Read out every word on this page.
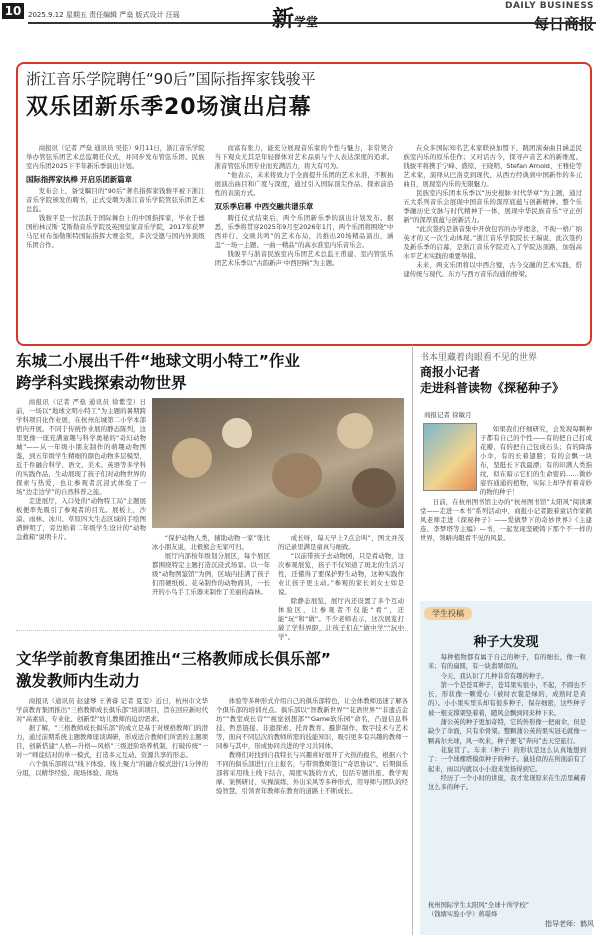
10 2025.9.12 星期五 责任编辑 严燊 版式设计 汪瑶	新学堂
DAILY BUSINESS
每日商报
浙江音乐学院聘任“90后”国际指挥家钱骏平
双乐团新乐季20场演出启幕

商报讯（记者 严燊 通讯员 吴佳）9月11日，浙江音乐学院举办管弦乐团艺术总监聘任仪式，并同步发布管弦乐团、民族室内乐团2025下半年新乐季演出计划。

国际指挥家执棒 开启乐团新篇章

发布会上，备受瞩目的“90后”著名指挥家钱骏平被下浙江音乐学院颁发的聘书，正式受聘为浙江音乐学院管弦乐团艺术总监。

钱骏平是一位活跃于国际舞台上的中国指挥家，毕业于德国柏林汉斯·艾斯勒音乐学院及英国皇家音乐学院，2017年获罗马尼亚布加勒斯特国际指挥大赛金奖，多次受邀与国内外顶级乐团合作。

而富有张力，能充分展现音乐家的个性与魅力，非常契合当下观众尤其是年轻群体对艺术品质与个人表达深度的追求。浙音管弦乐团专业而充满活力，将大有可为。

“他表示，未来将致力于全面提升乐团的艺术水准，不断拓展演出曲目和广度与深度，通过引入国际顶尖作品、探索前沿性的表演方式。

双乐季启幕 中西交融共谱乐章

聘任仪式结束后，两个乐团新乐季的演出计划发布。据悉，乐季将贯穿2025年9月至2026年1月，两个乐团将围绕“中西并行、交映共鸣”的艺术布局，共推出20场精品演出，涵盖“一场一主题、一曲一精品”的高水准室内乐音乐会。

钱骏平与浙音民族室内乐团艺术总监王甫建、室内管弦乐团艺术乐季以“古韵新声·中西回响”为主题。

在众多国际知名艺术家联袂加盟下，跳团演奏曲目涵盖民族室内乐的原乐佳作；又对话古今，探寻声音艺术的新维度。钱骏平将携手宁峰、盛原、王晓明、Stefan Arnold、王雅伦等艺术家，演绎从巴洛克到现代、从西方经典到中国新作的多元曲目，展现室内乐的无限魅力。

民族室内乐团本乐季以“历史根脉·时代华章”为主题，通过五大系列音乐会展现中国音乐的深厚底蕴与创新精神。整个乐季融历史文脉与时代精神于一体，展现中华民族音乐“守正创新”的深厚底蕴与创新活力。

“此次签约是浙音集中开放包容的办学理念，不拘一格广纳英才的又一次生动体现。”浙江音乐学院院长王瑞说，此次签约及新乐季的启幕，是浙江音乐学院迈入了学院达顶路，加强高水平艺术实践的重要举措。

未来，两支乐团将以中西合璧，古今交融的艺术实践，搭建传统与现代、东方与西方音乐沟通的桥梁。

东城二小展出千件“地球文明小特工”作业
跨学科实践探索动物世界

商报讯（记者 严燊 通讯员 徐紫莹）日前，一场以“地球文明小特工”为主题的暑期跨学科项目化作业展，在杭州东城第二小学本部宿内开展。不同于传统作业展的静态陈列，这里更像一座充满童趣与科学奥秘的“奇幻动物城”——从一年级小朋友制作的萌趣动物图鉴，到五年级学生精细的颜色动物多层模型，近千件融合科学、语文、美术、英语等多学科的实践作品，生动展现了孩子们对动物世界的探索与热爱，也让参观者沉浸式体验了一场“边走边学”的自然科普之旅。

走进展厅，入口处的“动物特工局”主题展板便率先吸引了参观者的目光。展板上，沙漠、雨林、冰川、草原四大生态区域的手绘图谱鲜明了，旁边贴着二年级学生设计的“动物急救箱”说明卡片。	“保护动物人类，辅助动物一家”张比冰小朋友说，北极熊会无家可归。

展厅内部按年级划分展区，每个展区都围绕特定主题打造沉浸式场景。以一年级“动物图鉴馆”为例，区域内挂满了孩子们用硬纸板、花朵制作的动物面具，一长开的小鸟手工乐器来制作了美丽的森林。

成长呀，每天早上7点会叫”，图文并茂的记录里满是童真与细致。

“以前带孩子去动物园，只是看动物，这次参观展览，孩子不仅知道了斑北的生活习性，还懂得了要保护野生动物，这种实践作业让孩子更主动。”参观的家长刘女士如是说。

除静态展览，展厅内还设置了多个互动体验区，让参观者不仅能“看”，还能“玩”和“做”。不少老师表示，这次展览打破了学科界限，让孩子们在“做中学”“玩中学”。

书本里藏着肉眼看不见的世界
商报小记者
走进科普读物《探秘种子》
商报记者 徐敏月

如果我们仔细研究，会发现每颗种子都有自己的个性——有的把自己打成花瓣，有的把自己包成石头；有的降落小伞，有的长着翅膀；有的会飘一块布，坚挺长下我最漂；有的印满人类指纹，似在暗示它们的生命密码……微妙姿容通通的植物，实际上却孕育着奇妙的物的种子！

日前，在杭州图书馆主办的“杭州图书馆”太阳风“阅读课堂——走进一本书”系列活动中，商报小记者跟着童话作家鹤风老师走进《探秘种子》——爱做梦下的奇妙世界》《主建连、李梦塔等主编》—书，一起发现坚硬铸下那个不一样的世界，领略肉眼看不见的风景。

学生投稿
种子大发现

每种植物都有属于自己的种子，有的细长，像一粒米；有的扁圆，有一块翡翠似的。

今天，我认识了几种非常有趣的种子。

第一个是苍耳种子，苍耳果实很小，不起，不圆也不长，形状像一颗爱心（被时衣裳是绿的，成熟时是黄的）。小小果实里头却有很多种子，保存细密，这些种子被一根支撑架竖着着，随风会飘到同来种下来。

蒲公英的种子更加奇特，它的外形像一把雨伞，但是缺少了伞面，只有伞骨架。整颗蒲公英的果实冠毛就像一颗高尔夫球，风一吹来，种子便飞“奔向”去天空旅行。

花旋贯了。车来（种子）的形状是这么认真地想到了：一个球棵塔模似种子的种子。鼠娃似的在所面前有了起来，雨以内就以小小泡来发扬得到它。

经历了一个小时的讲座，我才发现原来在生活里藏着这么多的种子。

杭州国际学生太阳风“全球十所学校”
（钱塘实验小学）蒋璟烽
指导老师：鹤风
文华学前教育集团推出“三格教师成长俱乐部”
激发教师内生动力

商报讯（通讯员 赵建琴 王著睿 记者 夏雯）近日，杭州市文华学前教育集团推出“三格教师成长俱乐部”培训项目，旨在回应新时代对“高素质、专业化、创新型”幼儿教师的迫切需求。

据了解，“三格教师成长俱乐部”的成立是基于对规格教师门的潜力，通过前期系统主题教师座谈调研，形成适合教师们所需的主题项目，创新搭建“人格—升格—风格”三级进阶培养机制，打破传统“一对一”师徒结对的单一模式，打造多元互动、资源共享的形态。

六个俱乐部将以“线下体验、线上聚力”的融合模式进行1分钟的分组，以精华经验、现场体验、现场

体验等多种形式介绍自己的俱乐部特色，让全体教师迅速了解各个俱乐部的培训亮点。俱乐部以“智教新世界”“花语世界”“非遗点金坊”“教室成长营”“视觉创想部”“Game软乐园”命名，凸显信息科技、哲思链接、非遗探索、托育教育、摄影制作、数字技术与艺术等，面向不同层次的教师所需的技能知识，吸引更多有兴趣的教师一同参与其中，形成协同共进的学习共同体。

教师们对找到自我特长与兴趣喜好展开了火热的报名，根据六个不同的俱乐部进行自主报名，与带领教师签订“奇思协议”。后期俱乐部将采用线上线下结合，周度实践的方式，包括专题讲座、教学观摩、案例研讨、实操演练、外出采风等多种形式，用导师与团队的经验智慧，引领青年教师在教育的道路上不断成长。
